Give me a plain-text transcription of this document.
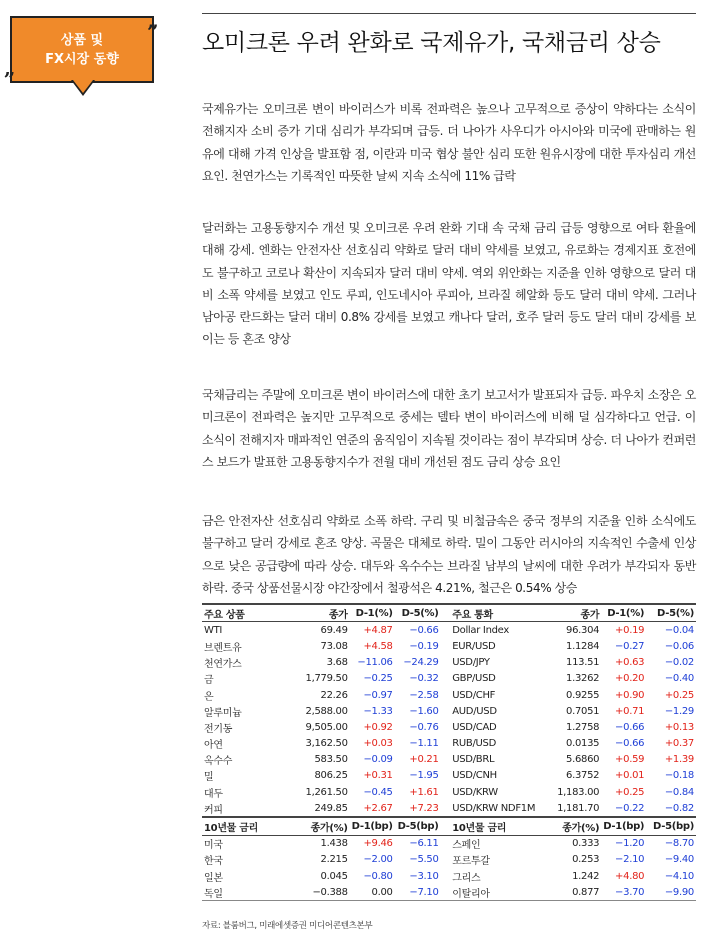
상품 및
FX시장 동향
”
„
오미크론 우려 완화로 국제유가, 국채금리 상승

국제유가는 오미크론 변이 바이러스가 비록 전파력은 높으나 고무적으로 증상이 약하다는 소식이 전해지자 소비 증가 기대 심리가 부각되며 급등. 더 나아가 사우디가 아시아와 미국에 판매하는 원유에 대해 가격 인상을 발표함 점, 이란과 미국 협상 불안 심리 또한 원유시장에 대한 투자심리 개선 요인. 천연가스는 기록적인 따뜻한 날씨 지속 소식에 11% 급락

달러화는 고용동향지수 개선 및 오미크론 우려 완화 기대 속 국채 금리 급등 영향으로 여타 환율에 대해 강세. 엔화는 안전자산 선호심리 약화로 달러 대비 약세를 보였고, 유로화는 경제지표 호전에도 불구하고 코로나 확산이 지속되자 달러 대비 약세. 역외 위안화는 지준율 인하 영향으로 달러 대비 소폭 약세를 보였고 인도 루피, 인도네시아 루피아, 브라질 헤알화 등도 달러 대비 약세. 그러나 남아공 란드화는 달러 대비 0.8% 강세를 보였고 캐나다 달러, 호주 달러 등도 달러 대비 강세를 보이는 등 혼조 양상

국채금리는 주말에 오미크론 변이 바이러스에 대한 초기 보고서가 발표되자 급등. 파우치 소장은 오미크론이 전파력은 높지만 고무적으로 중세는 델타 변이 바이러스에 비해 덜 심각하다고 언급. 이 소식이 전해지자 매파적인 연준의 움직임이 지속될 것이라는 점이 부각되며 상승. 더 나아가 컨퍼런스 보드가 발표한 고용동향지수가 전월 대비 개선된 점도 금리 상승 요인

금은 안전자산 선호심리 약화로 소폭 하락. 구리 및 비철금속은 중국 정부의 지준율 인하 소식에도 불구하고 달러 강세로 혼조 양상. 곡물은 대체로 하락. 밀이 그동안 러시아의 지속적인 수출세 인상으로 낮은 공급량에 따라 상승. 대두와 옥수수는 브라질 남부의 날씨에 대한 우려가 부각되자 동반 하락. 중국 상품선물시장 야간장에서 철광석은 4.21%, 철근은 0.54% 상승

주요 상품	종가	D-1(%)	D-5(%)		주요 통화	종가	D-1(%)	D-5(%)
WTI	69.49	+4.87	−0.66		Dollar Index	96.304	+0.19	−0.04
브렌트유	73.08	+4.58	−0.19		EUR/USD	1.1284	−0.27	−0.06
천연가스	3.68	−11.06	−24.29		USD/JPY	113.51	+0.63	−0.02
금	1,779.50	−0.25	−0.32		GBP/USD	1.3262	+0.20	−0.40
은	22.26	−0.97	−2.58		USD/CHF	0.9255	+0.90	+0.25
알루미늄	2,588.00	−1.33	−1.60		AUD/USD	0.7051	+0.71	−1.29
전기동	9,505.00	+0.92	−0.76		USD/CAD	1.2758	−0.66	+0.13
아연	3,162.50	+0.03	−1.11		RUB/USD	0.0135	−0.66	+0.37
옥수수	583.50	−0.09	+0.21		USD/BRL	5.6860	+0.59	+1.39
밀	806.25	+0.31	−1.95		USD/CNH	6.3752	+0.01	−0.18
대두	1,261.50	−0.45	+1.61		USD/KRW	1,183.00	+0.25	−0.84
커피	249.85	+2.67	+7.23		USD/KRW NDF1M	1,181.70	−0.22	−0.82
10년물 금리	종가(%)	D-1(bp)	D-5(bp)		10년물 금리	종가(%)	D-1(bp)	D-5(bp)
미국	1.438	+9.46	−6.11		스페인	0.333	−1.20	−8.70
한국	2.215	−2.00	−5.50		포르투갈	0.253	−2.10	−9.40
일본	0.045	−0.80	−3.10		그리스	1.242	+4.80	−4.10
독일	−0.388	0.00	−7.10		이탈리아	0.877	−3.70	−9.90
자료: 블룸버그, 미래에셋증권 미디어콘텐츠본부
